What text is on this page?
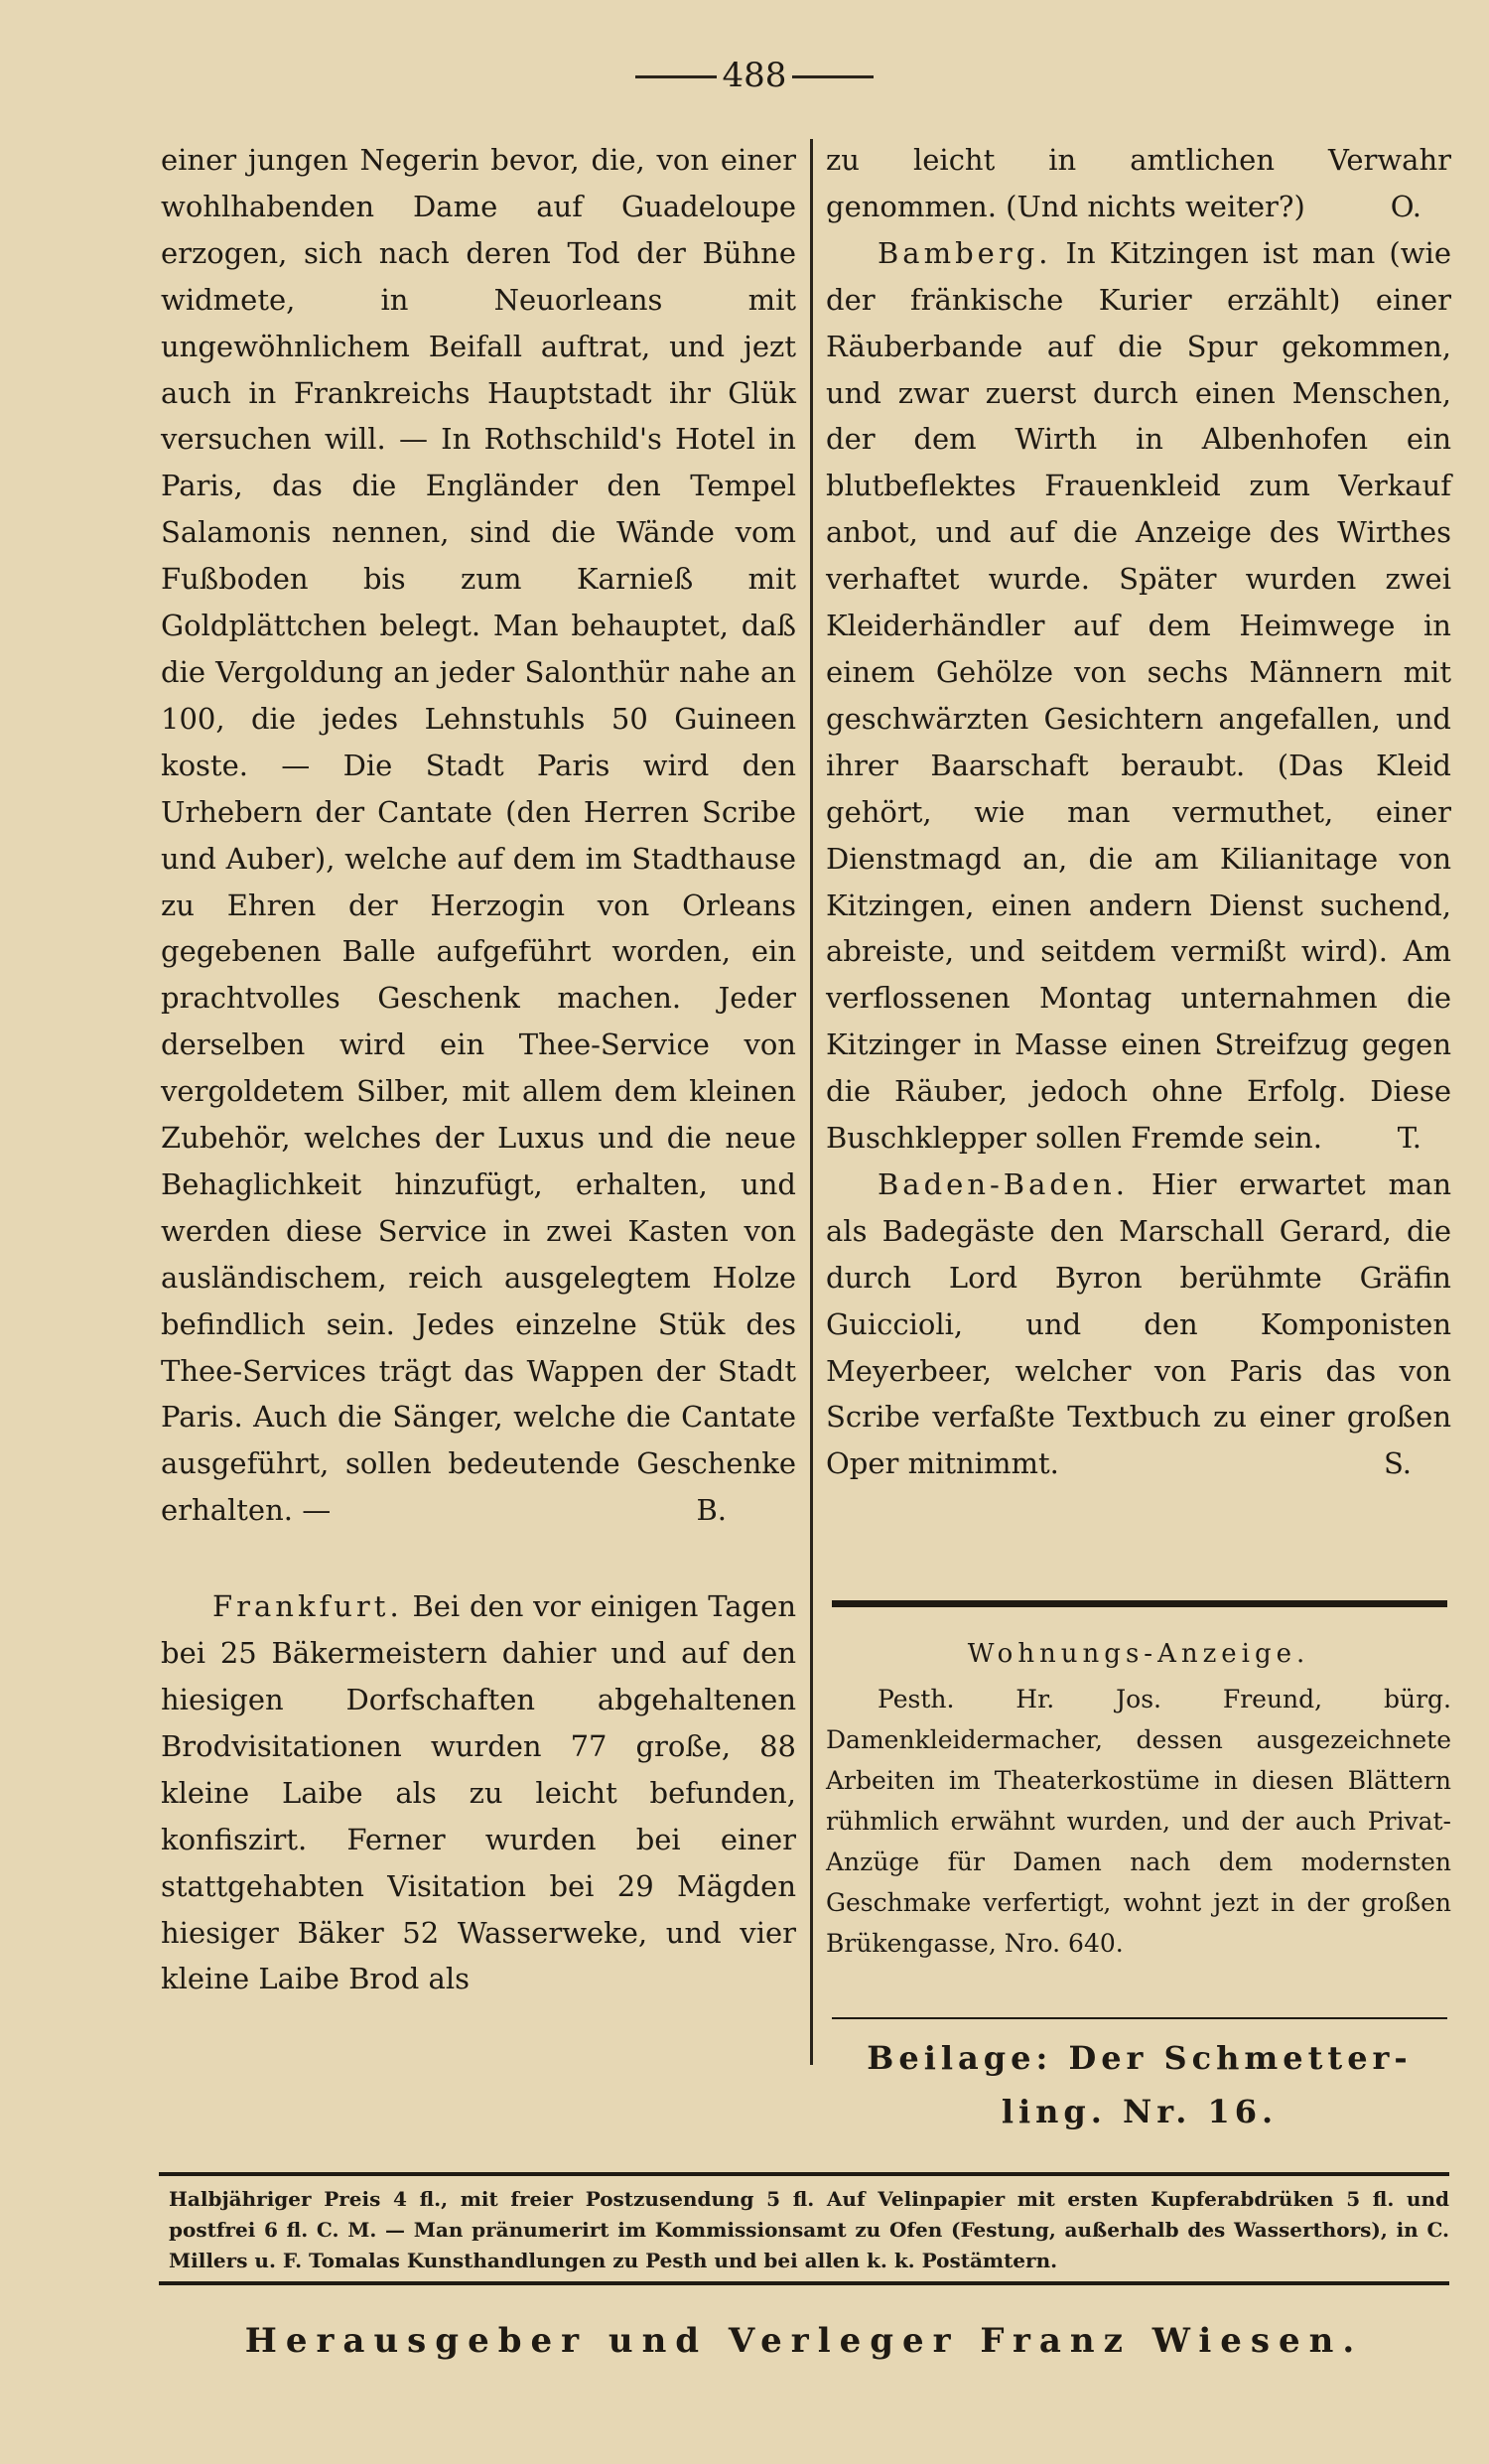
488

einer jungen Negerin bevor, die, von einer wohlhabenden Dame auf Guadeloupe erzogen, sich nach deren Tod der Bühne widmete, in Neuorleans mit ungewöhnlichem Beifall auftrat, und jezt auch in Frankreichs Hauptstadt ihr Glük versuchen will. — In Rothschild's Hotel in Paris, das die Engländer den Tempel Salamonis nennen, sind die Wände vom Fußboden bis zum Karnieß mit Goldplättchen belegt. Man behauptet, daß die Vergoldung an jeder Salonthür nahe an 100, die jedes Lehnstuhls 50 Guineen koste. — Die Stadt Paris wird den Urhebern der Cantate (den Herren Scribe und Auber), welche auf dem im Stadthause zu Ehren der Herzogin von Orleans gegebenen Balle aufgeführt worden, ein prachtvolles Geschenk machen. Jeder derselben wird ein Thee-Service von vergoldetem Silber, mit allem dem kleinen Zubehör, welches der Luxus und die neue Behaglichkeit hinzufügt, erhalten, und werden diese Service in zwei Kasten von ausländischem, reich ausgelegtem Holze befindlich sein. Jedes einzelne Stük des Thee-Services trägt das Wappen der Stadt Paris. Auch die Sänger, welche die Cantate ausgeführt, sollen bedeutende Geschenke erhalten. —	B.

Frankfurt. Bei den vor einigen Tagen bei 25 Bäkermeistern dahier und auf den hiesigen Dorfschaften abgehaltenen Brodvisitationen wurden 77 große, 88 kleine Laibe als zu leicht befunden, konfiszirt. Ferner wurden bei einer stattgehabten Visitation bei 29 Mägden hiesiger Bäker 52 Wasserweke, und vier kleine Laibe Brod als

zu leicht in amtlichen Verwahr genommen. (Und nichts weiter?)	O.

Bamberg. In Kitzingen ist man (wie der fränkische Kurier erzählt) einer Räuberbande auf die Spur gekommen, und zwar zuerst durch einen Menschen, der dem Wirth in Albenhofen ein blutbeflektes Frauenkleid zum Verkauf anbot, und auf die Anzeige des Wirthes verhaftet wurde. Später wurden zwei Kleiderhändler auf dem Heimwege in einem Gehölze von sechs Männern mit geschwärzten Gesichtern angefallen, und ihrer Baarschaft beraubt. (Das Kleid gehört, wie man vermuthet, einer Dienstmagd an, die am Kilianitage von Kitzingen, einen andern Dienst suchend, abreiste, und seitdem vermißt wird). Am verflossenen Montag unternahmen die Kitzinger in Masse einen Streifzug gegen die Räuber, jedoch ohne Erfolg. Diese Buschklepper sollen Fremde sein.	T.

Baden-Baden. Hier erwartet man als Badegäste den Marschall Gerard, die durch Lord Byron berühmte Gräfin Guiccioli, und den Komponisten Meyerbeer, welcher von Paris das von Scribe verfaßte Textbuch zu einer großen Oper mitnimmt.	S.

Wohnungs-Anzeige.

Pesth. Hr. Jos. Freund, bürg. Damenkleidermacher, dessen ausgezeichnete Arbeiten im Theaterkostüme in diesen Blättern rühmlich erwähnt wurden, und der auch Privat-Anzüge für Damen nach dem modernsten Geschmake verfertigt, wohnt jezt in der großen Brükengasse, Nro. 640.

Beilage: Der Schmetter-
ling. Nr. 16.
Halbjähriger Preis 4 fl., mit freier Postzusendung 5 fl. Auf Velinpapier mit ersten Kupferabdrüken 5 fl. und postfrei 6 fl. C. M. — Man pränumerirt im Kommissionsamt zu Ofen (Festung, außerhalb des Wasserthors), in C. Millers u. F. Tomalas Kunsthandlungen zu Pesth und bei allen k. k. Postämtern.
Herausgeber und Verleger Franz Wiesen.
